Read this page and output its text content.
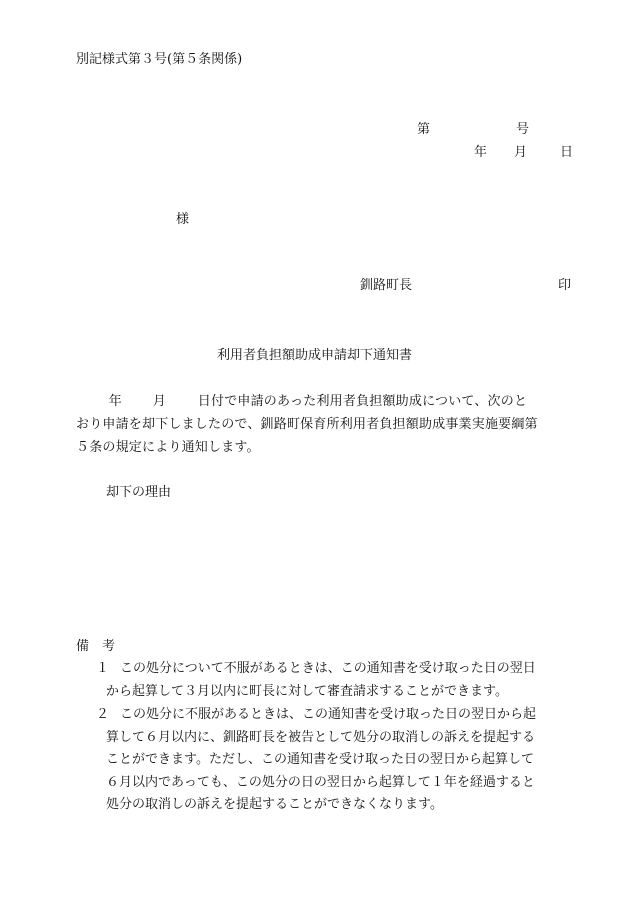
別記様式第３号(第５条関係)
第	号
年 月	日
様
釧路町長	印
利用者負担額助成申請却下通知書
年 月 日付で申請のあった利用者負担額助成について、次のと
おり申請を却下しましたので、釧路町保育所利用者負担額助成事業実施要綱第
５条の規定により通知します。
却下の理由
備 考
１ この処分について不服があるときは、この通知書を受け取った日の翌日
から起算して３月以内に町長に対して審査請求することができます。
２ この処分に不服があるときは、この通知書を受け取った日の翌日から起
算して６月以内に、釧路町長を被告として処分の取消しの訴えを提起する
ことができます。ただし、この通知書を受け取った日の翌日から起算して
６月以内であっても、この処分の日の翌日から起算して１年を経過すると
処分の取消しの訴えを提起することができなくなります。
